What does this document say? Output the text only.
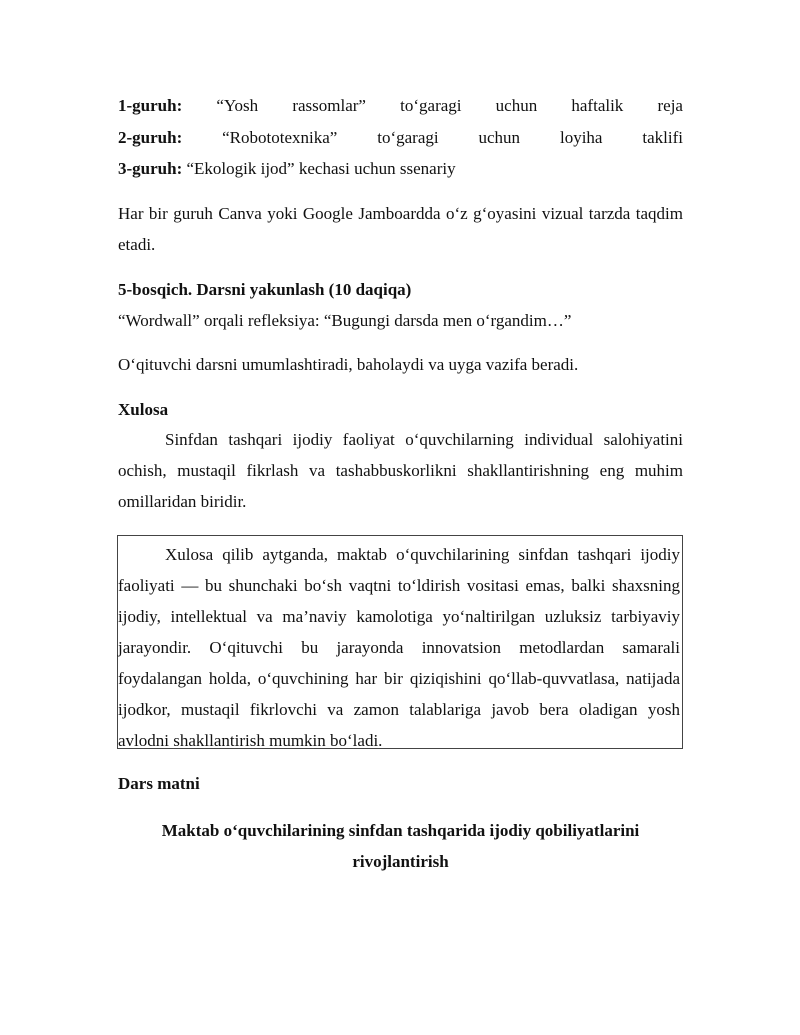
1-guruh: “Yosh rassomlar” to‘garagi uchun haftalik reja
2-guruh: “Robototexnika” to‘garagi uchun loyiha taklifi
3-guruh: “Ekologik ijod” kechasi uchun ssenariy
Har bir guruh Canva yoki Google Jamboardda o‘z g‘oyasini vizual tarzda taqdim etadi.
5-bosqich. Darsni yakunlash (10 daqiqa)
“Wordwall” orqali refleksiya: “Bugungi darsda men o‘rgandim…”
O‘qituvchi darsni umumlashtiradi, baholaydi va uyga vazifa beradi.
Xulosa
Sinfdan tashqari ijodiy faoliyat o‘quvchilarning individual salohiyatini ochish, mustaqil fikrlash va tashabbuskorlikni shakllantirishning eng muhim omillaridan biridir.
Xulosa qilib aytganda, maktab o‘quvchilarining sinfdan tashqari ijodiy faoliyati — bu shunchaki bo‘sh vaqtni to‘ldirish vositasi emas, balki shaxsning ijodiy, intellektual va ma’naviy kamolotiga yo‘naltirilgan uzluksiz tarbiyaviy jarayondir. O‘qituvchi bu jarayonda innovatsion metodlardan samarali foydalangan holda, o‘quvchining har bir qiziqishini qo‘llab-quvvatlasa, natijada ijodkor, mustaqil fikrlovchi va zamon talablariga javob bera oladigan yosh avlodni shakllantirish mumkin bo‘ladi.
Dars matni
Maktab o‘quvchilarining sinfdan tashqarida ijodiy qobiliyatlarini rivojlantirish
